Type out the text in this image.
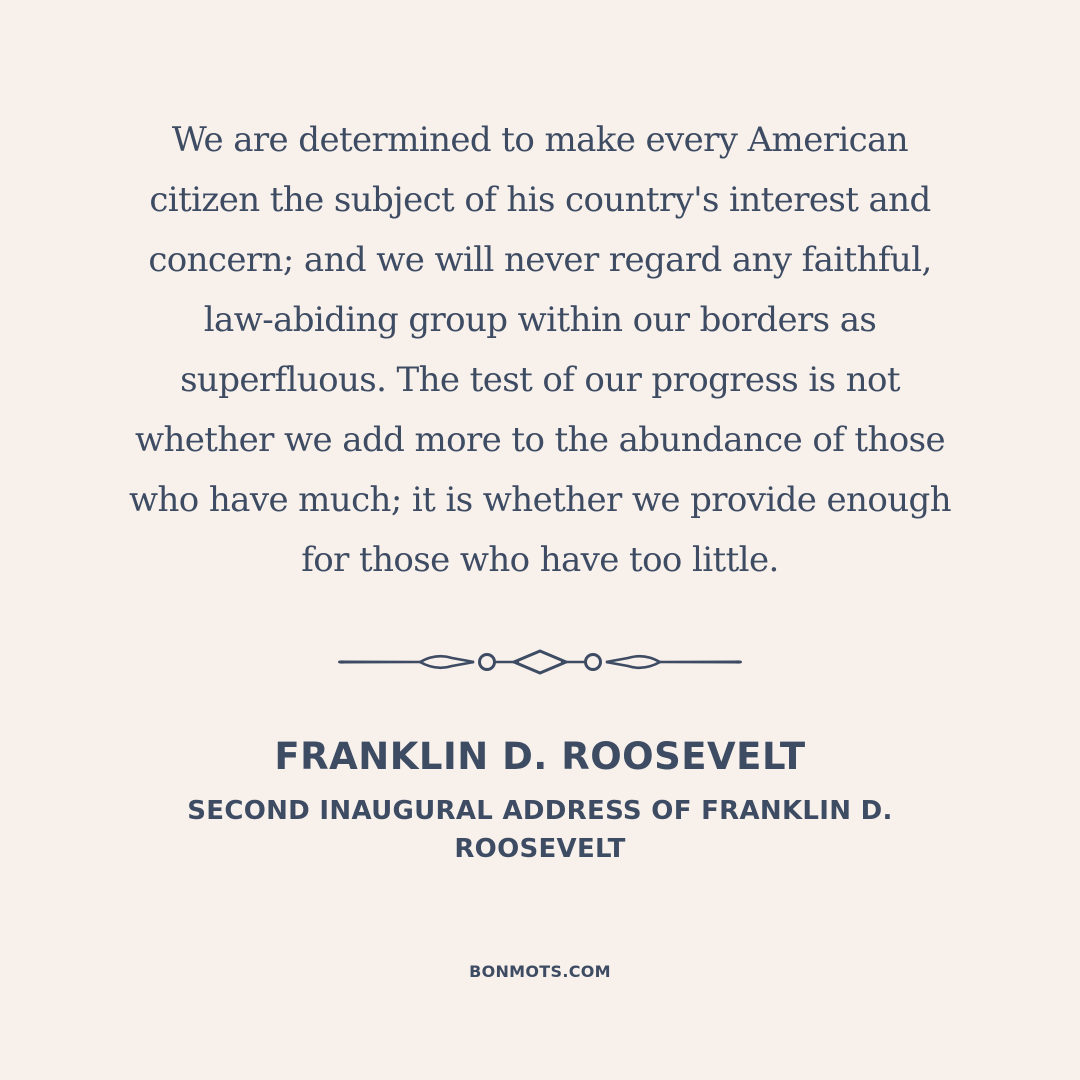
We are determined to make every American
citizen the subject of his country's interest and
concern; and we will never regard any faithful,
law-abiding group within our borders as
superfluous. The test of our progress is not
whether we add more to the abundance of those
who have much; it is whether we provide enough
for those who have too little.
FRANKLIN D. ROOSEVELT
SECOND INAUGURAL ADDRESS OF FRANKLIN D.
ROOSEVELT
BONMOTS.COM
